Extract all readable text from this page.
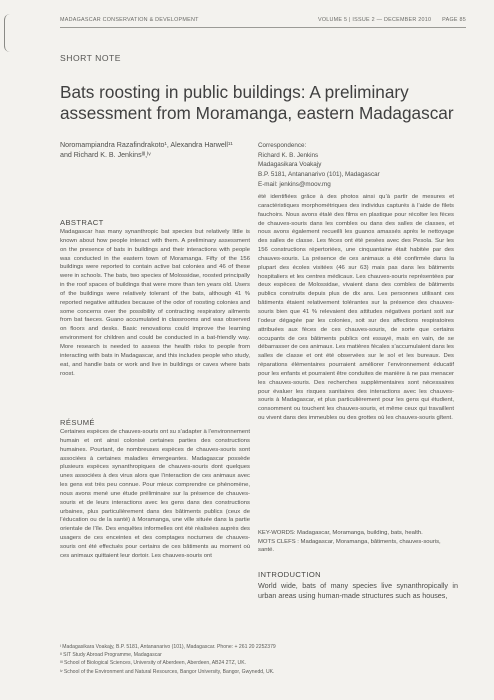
MADAGASCAR CONSERVATION & DEVELOPMENT	VOLUME 5 | ISSUE 2 — DECEMBER 2010 PAGE 85
SHORT NOTE
Bats roosting in public buildings: A preliminary assessment from Moramanga, eastern Madagascar
Noromampiandra Razafindrakoto¹, Alexandra Harwell¹¹ and Richard K. B. Jenkinsᴵᴵᴵ,ᴵᵛ
Correspondence:
Richard K. B. Jenkins
Madagasikara Voakajy
B.P. 5181, Antananarivo (101), Madagascar
E-mail: jenkins@moov.mg
ABSTRACT

Madagascar has many synanthropic bat species but relatively little is known about how people interact with them. A preliminary assessment on the presence of bats in buildings and their interactions with people was conducted in the eastern town of Moramanga. Fifty of the 156 buildings were reported to contain active bat colonies and 46 of these were in schools. The bats, two species of Molossidae, roosted principally in the roof spaces of buildings that were more than ten years old. Users of the buildings were relatively tolerant of the bats, although 41 % reported negative attitudes because of the odor of roosting colonies and some concerns over the possibility of contracting respiratory ailments from bat faeces. Guano accumulated in classrooms and was observed on floors and desks. Basic renovations could improve the learning environment for children and could be conducted in a bat-friendly way. More research is needed to assess the health risks to people from interacting with bats in Madagascar, and this includes people who study, eat, and handle bats or work and live in buildings or caves where bats roost.

RÉSUMÉ

Certaines espèces de chauves-souris ont su s’adapter à l’environnement humain et ont ainsi colonisé certaines parties des constructions humaines. Pourtant, de nombreuses espèces de chauves-souris sont associées à certaines maladies émergeantes. Madagascar possède plusieurs espèces synanthropiques de chauves-souris dont quelques unes associées à des virus alors que l’interaction de ces animaux avec les gens est très peu connue. Pour mieux comprendre ce phénomène, nous avons mené une étude préliminaire sur la présence de chauves-souris et de leurs interactions avec les gens dans des constructions urbaines, plus particulièrement dans des bâtiments publics (ceux de l’éducation ou de la santé) à Moramanga, une ville située dans la partie orientale de l’île. Des enquêtes informelles ont été réalisées auprès des usagers de ces enceintes et des comptages nocturnes de chauves-souris ont été effectués pour certains de ces bâtiments au moment où ces animaux quittaient leur dortoir. Les chauves-souris ont

été identifiées grâce à des photos ainsi qu’à partir de mesures et caractéristiques morphométriques des individus capturés à l’aide de filets fauchoirs. Nous avons étalé des films en plastique pour récolter les fèces de chauves-souris dans les combles ou dans des salles de classes, et nous avons également recueilli les guanos amassés après le nettoyage des salles de classe. Les fèces ont été pesées avec des Pesola. Sur les 156 constructions répertoriées, une cinquantaine était habitée par des chauves-souris. La présence de ces animaux a été confirmée dans la plupart des écoles visitées (46 sur 63) mais pas dans les bâtiments hospitaliers et les centres médicaux. Les chauves-souris représentées par deux espèces de Molossidae, vivaient dans des combles de bâtiments publics construits depuis plus de dix ans. Les personnes utilisant ces bâtiments étaient relativement tolérantes sur la présence des chauves-souris bien que 41 % relevaient des attitudes négatives portant soit sur l’odeur dégagée par les colonies, soit sur des affections respiratoires attribuées aux fèces de ces chauves-souris, de sorte que certains occupants de ces bâtiments publics ont essayé, mais en vain, de se débarrasser de ces animaux. Les matières fécales s’accumulaient dans les salles de classe et ont été observées sur le sol et les bureaux. Des réparations élémentaires pourraient améliorer l’environnement éducatif pour les enfants et pourraient être conduites de manière à ne pas menacer les chauves-souris. Des recherches supplémentaires sont nécessaires pour évaluer les risques sanitaires des interactions avec les chauves-souris à Madagascar, et plus particulièrement pour les gens qui étudient, consomment ou touchent les chauves-souris, et même ceux qui travaillent ou vivent dans des immeubles ou des grottes où les chauves-souris gîtent.

KEY-WORDS: Madagascar, Moramanga, building, bats, health.
MOTS CLEFS : Madagascar, Moramanga, bâtiments, chauves-souris, santé.
INTRODUCTION

World wide, bats of many species live synanthropically in urban areas using human-made structures such as houses,

ᴵ Madagasikara Voakajy, B.P. 5181, Antananarivo (101), Madagascar. Phone: + 261 20 2252379
ᴵᴵ SIT Study Abroad Programme, Madagascar
ᴵᴵᴵ School of Biological Sciences, University of Aberdeen, Aberdeen, AB24 2TZ, UK.
ᴵᵛ School of the Environment and Natural Resources, Bangor University, Bangor, Gwynedd, UK.
